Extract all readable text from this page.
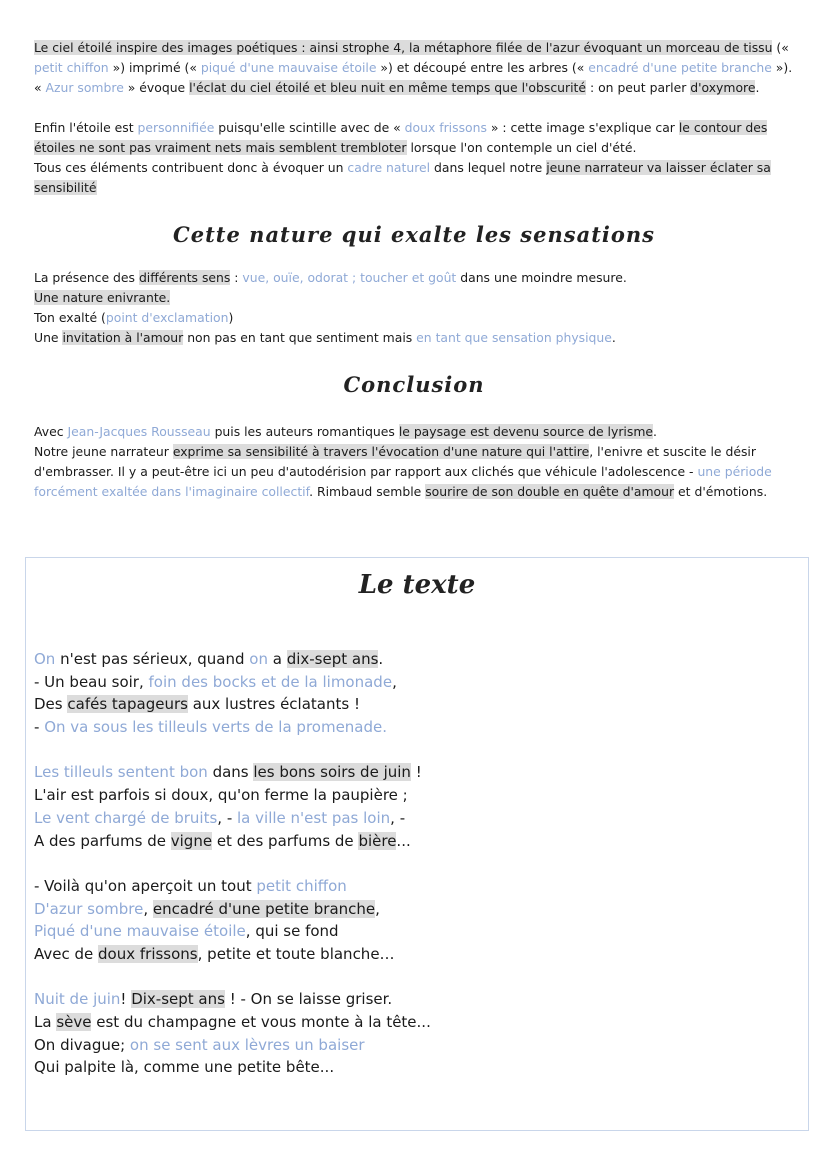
Le ciel étoilé inspire des images poétiques : ainsi strophe 4, la métaphore filée de l'azur évoquant un morceau de tissu (« petit chiffon ») imprimé (« piqué d'une mauvaise étoile ») et découpé entre les arbres (« encadré d'une petite branche »). « Azur sombre » évoque l'éclat du ciel étoilé et bleu nuit en même temps que l'obscurité : on peut parler d'oxymore.

Enfin l'étoile est personnifiée puisqu'elle scintille avec de « doux frissons » : cette image s'explique car le contour des étoiles ne sont pas vraiment nets mais semblent trembloter lorsque l'on contemple un ciel d'été.

Tous ces éléments contribuent donc à évoquer un cadre naturel dans lequel notre jeune narrateur va laisser éclater sa sensibilité

Cette nature qui exalte les sensations

La présence des différents sens : vue, ouïe, odorat ; toucher et goût dans une moindre mesure.

Une nature enivrante.

Ton exalté (point d'exclamation)

Une invitation à l'amour non pas en tant que sentiment mais en tant que sensation physique.

Conclusion

Avec Jean-Jacques Rousseau puis les auteurs romantiques le paysage est devenu source de lyrisme.

Notre jeune narrateur exprime sa sensibilité à travers l'évocation d'une nature qui l'attire, l'enivre et suscite le désir d'embrasser. Il y a peut-être ici un peu d'autodérision par rapport aux clichés que véhicule l'adolescence - une période forcément exaltée dans l'imaginaire collectif. Rimbaud semble sourire de son double en quête d'amour et d'émotions.

Le texte
On n'est pas sérieux, quand on a dix-sept ans.
- Un beau soir, foin des bocks et de la limonade,
Des cafés tapageurs aux lustres éclatants !
- On va sous les tilleuls verts de la promenade.
Les tilleuls sentent bon dans les bons soirs de juin !
L'air est parfois si doux, qu'on ferme la paupière ;
Le vent chargé de bruits, - la ville n'est pas loin, -
A des parfums de vigne et des parfums de bière...
- Voilà qu'on aperçoit un tout petit chiffon
D'azur sombre, encadré d'une petite branche,
Piqué d'une mauvaise étoile, qui se fond
Avec de doux frissons, petite et toute blanche…
Nuit de juin! Dix-sept ans ! - On se laisse griser.
La sève est du champagne et vous monte à la tête...
On divague; on se sent aux lèvres un baiser
Qui palpite là, comme une petite bête...
